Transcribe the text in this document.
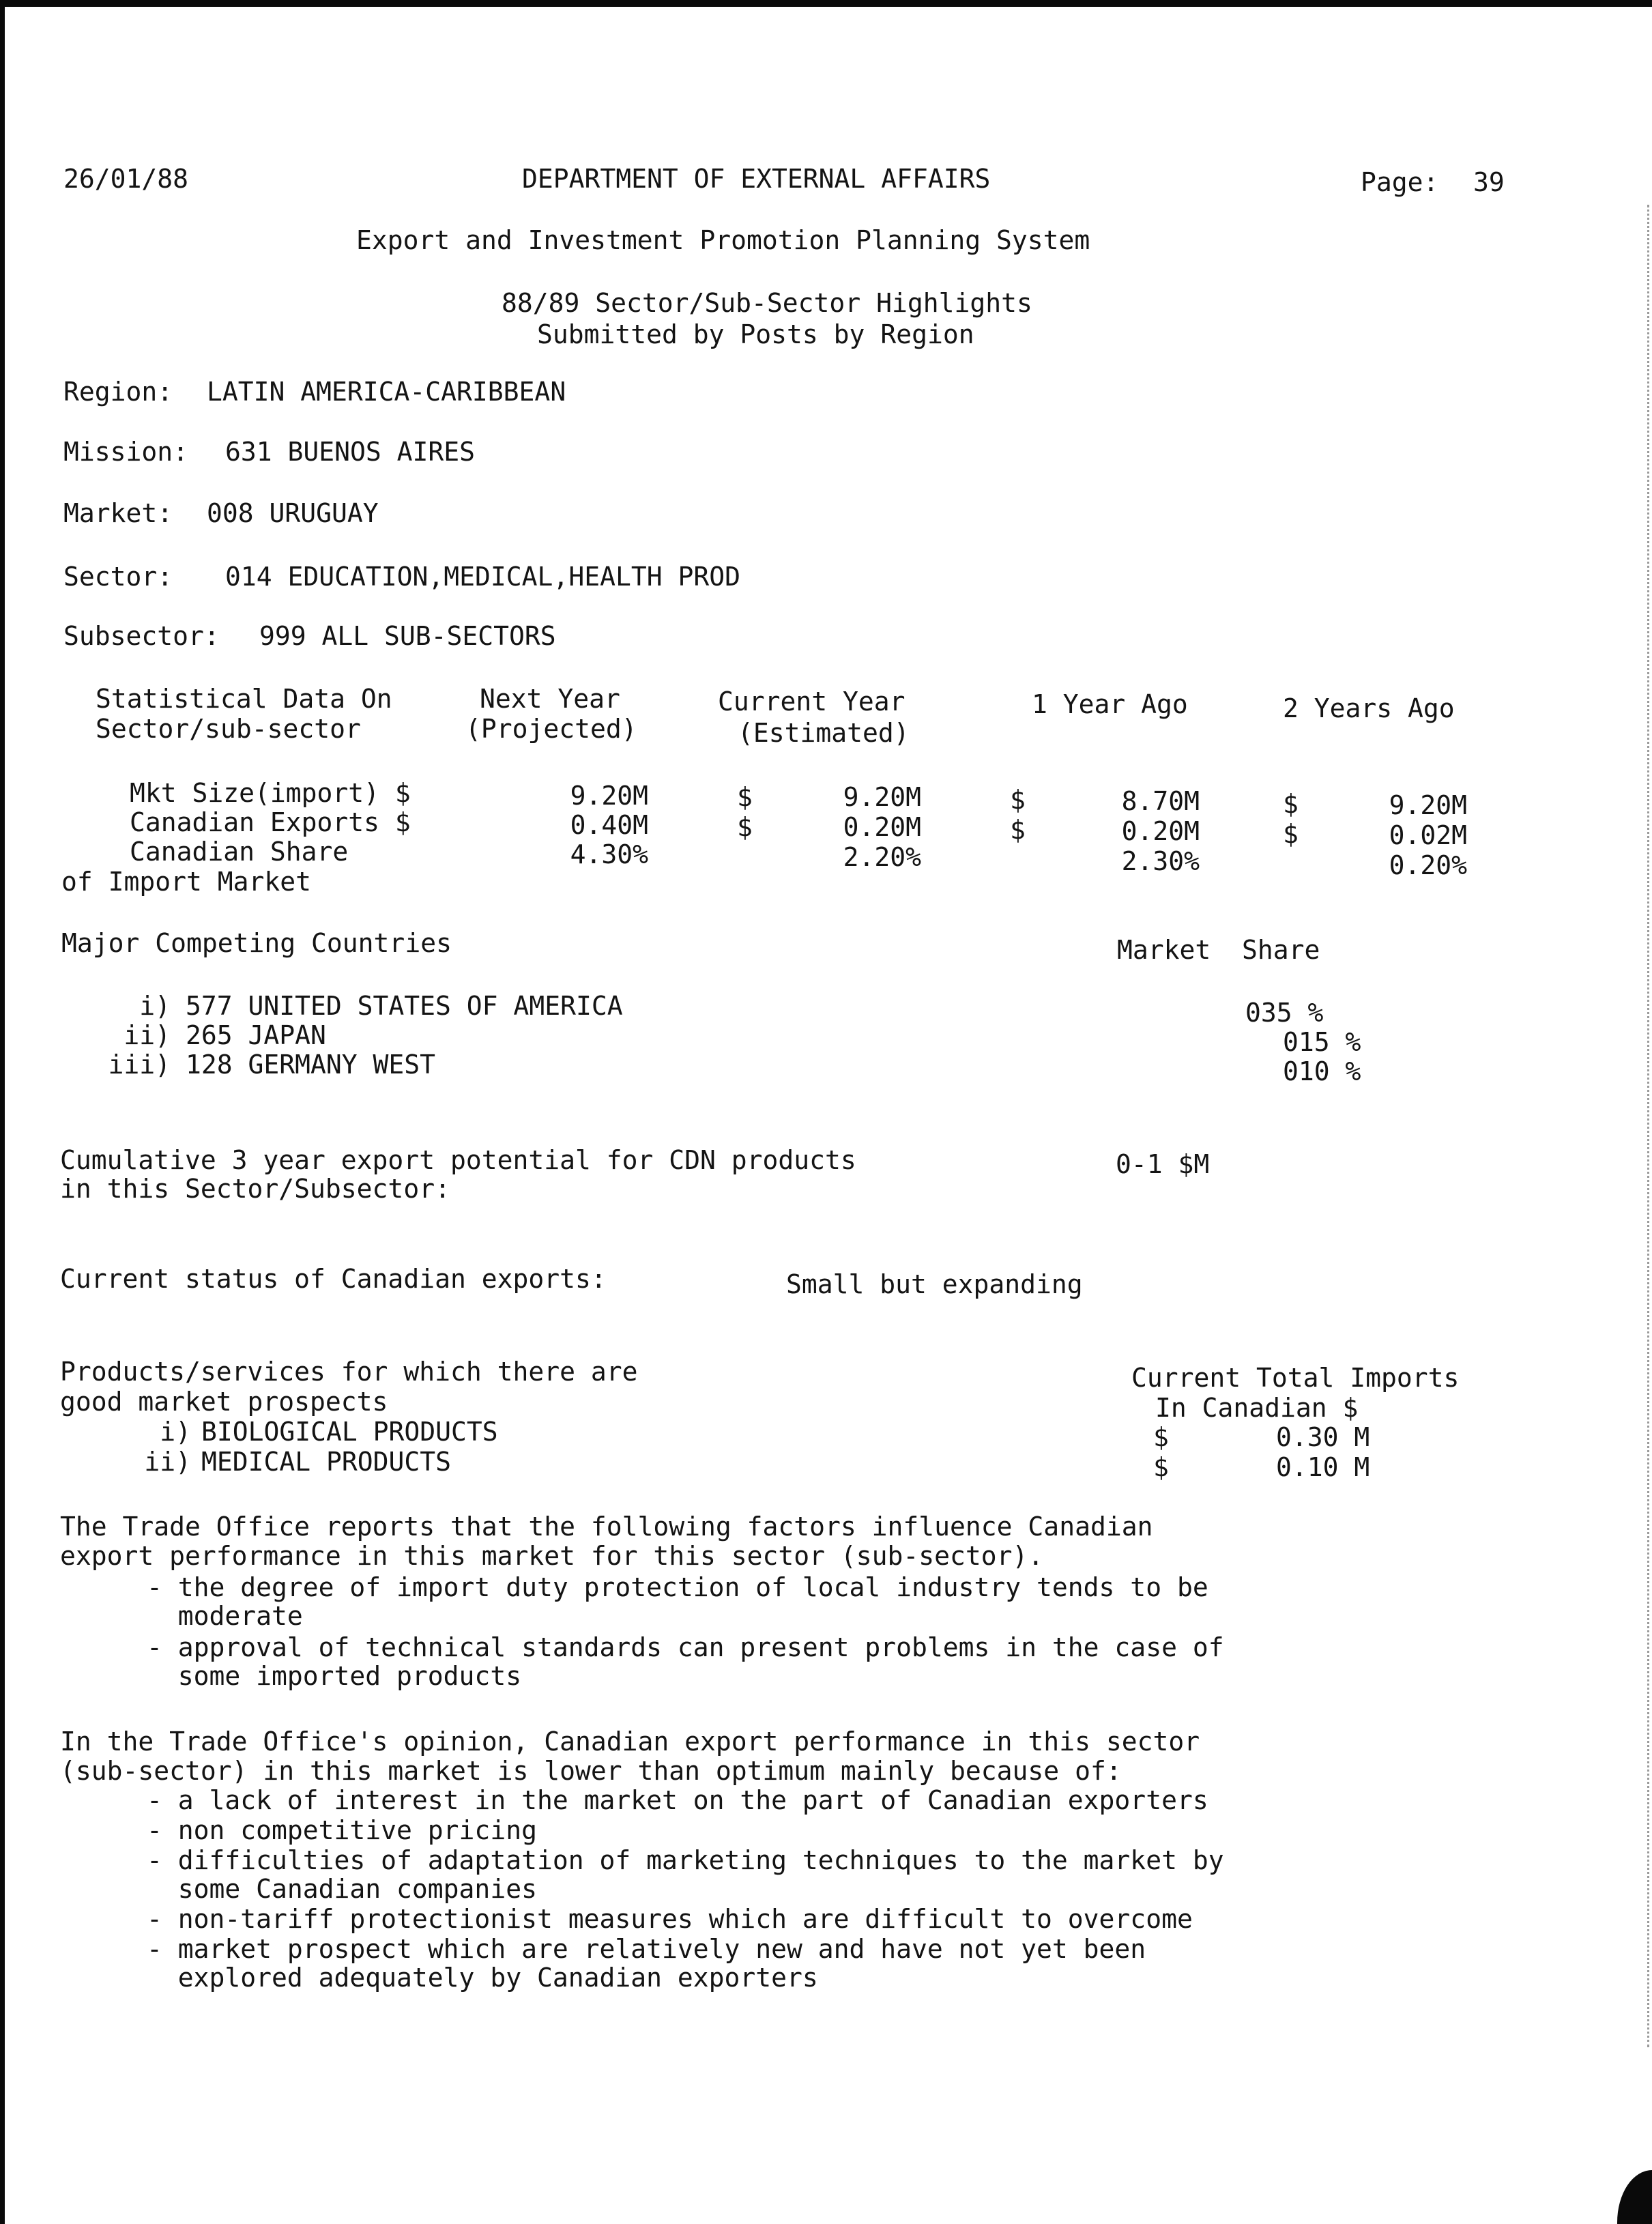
26/01/88	DEPARTMENT OF EXTERNAL AFFAIRS	Page: 39
Export and Investment Promotion Planning System
88/89 Sector/Sub-Sector Highlights
Submitted by Posts by Region
Region: LATIN AMERICA-CARIBBEAN
Mission: 631 BUENOS AIRES
Market: 008 URUGUAY
Sector: 014 EDUCATION,MEDICAL,HEALTH PROD
Subsector: 999 ALL SUB-SECTORS
Statistical Data On
Sector/sub-sector
Next Year
(Projected)
Current Year
(Estimated)
1 Year Ago	2 Years Ago
Mkt Size(import) $	9.20M	$	9.20M	$	8.70M	$	9.20M
Canadian Exports $	0.40M	$	0.20M	$	0.20M	$	0.02M
Canadian Share	4.30%	2.20%	2.30%	0.20%
of Import Market
Major Competing Countries	Market  Share
i) 577 UNITED STATES OF AMERICA	035 %
ii) 265 JAPAN	015 %
iii) 128 GERMANY WEST	010 %
Cumulative 3 year export potential for CDN products
in this Sector/Subsector:
0-1 $M
Current status of Canadian exports:	Small but expanding
Products/services for which there are
good market prospects
Current Total Imports
In Canadian $
i) BIOLOGICAL PRODUCTS	$	0.30 M
ii) MEDICAL PRODUCTS	$	0.10 M
The Trade Office reports that the following factors influence Canadian
export performance in this market for this sector (sub-sector).
- the degree of import duty protection of local industry tends to be
moderate
- approval of technical standards can present problems in the case of
some imported products
In the Trade Office's opinion, Canadian export performance in this sector
(sub-sector) in this market is lower than optimum mainly because of:
- a lack of interest in the market on the part of Canadian exporters
- non competitive pricing
- difficulties of adaptation of marketing techniques to the market by
some Canadian companies
- non-tariff protectionist measures which are difficult to overcome
- market prospect which are relatively new and have not yet been
explored adequately by Canadian exporters
